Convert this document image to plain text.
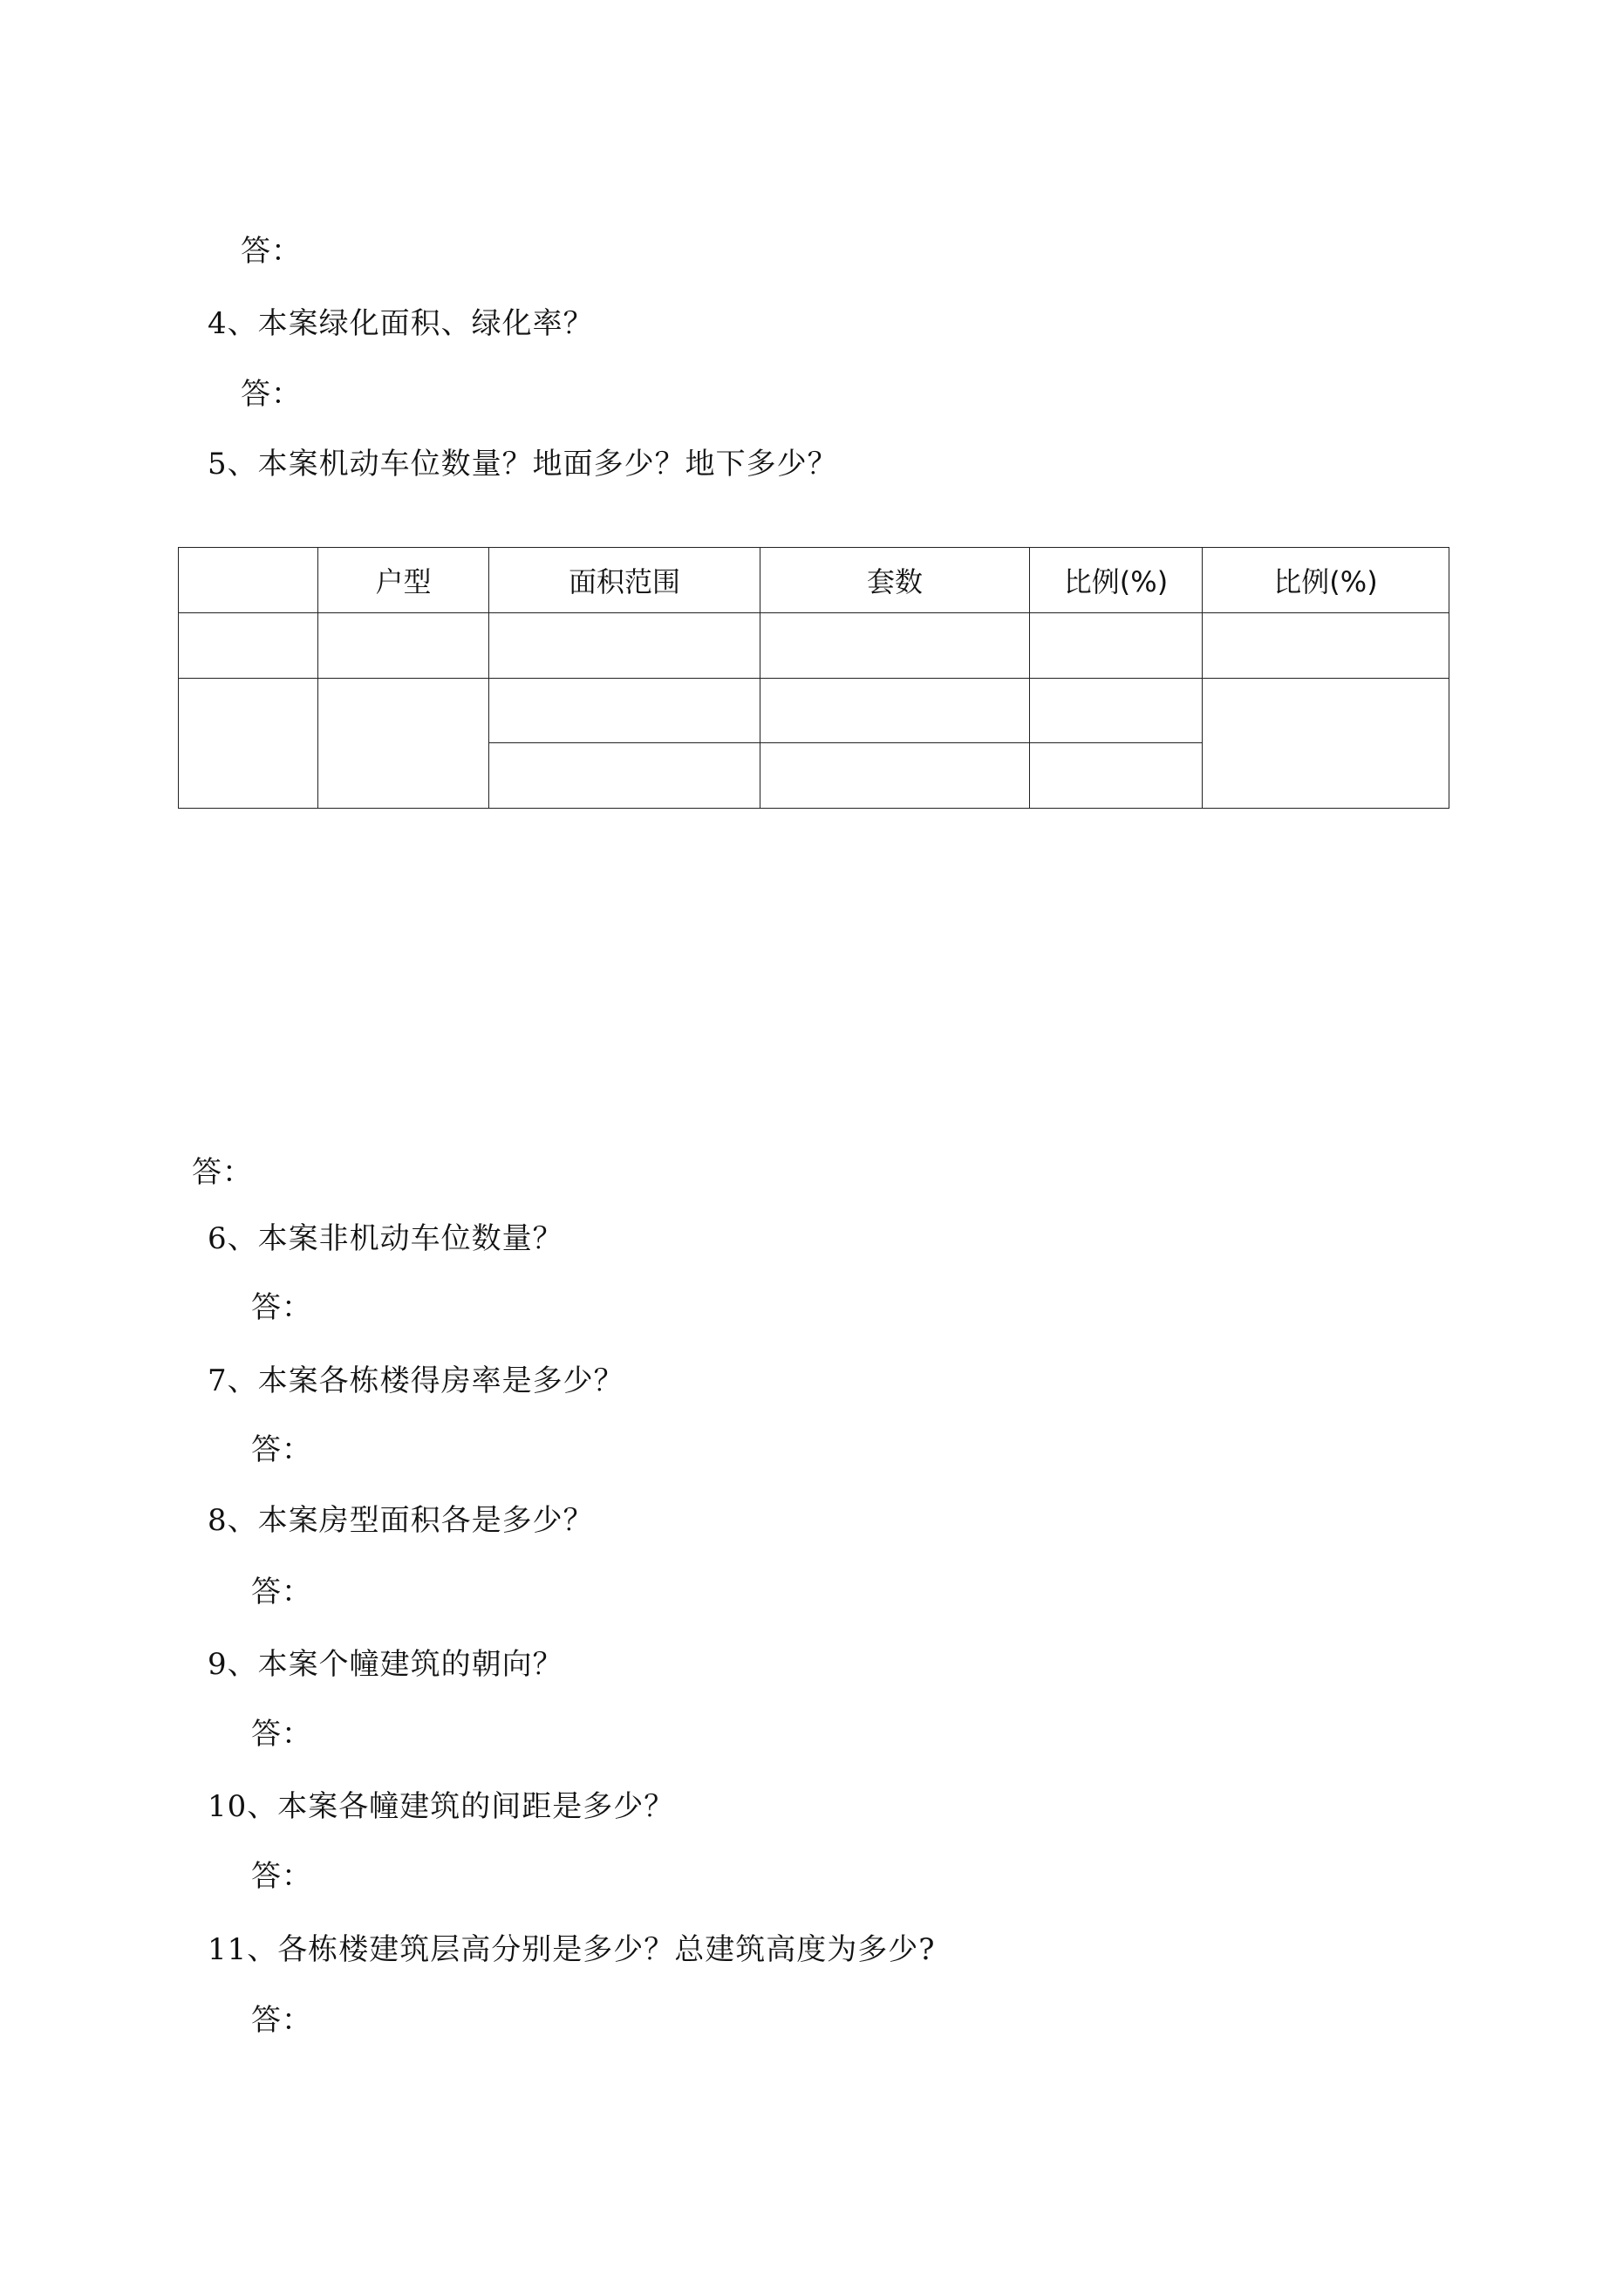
答：
4、本案绿化面积、绿化率？
答：
5、本案机动车位数量？地面多少？地下多少？
	户型	面积范围	套数	比例(%)	比例(%)

答：
6、本案非机动车位数量？
答：
7、本案各栋楼得房率是多少？
答：
8、本案房型面积各是多少？
答：
9、本案个幢建筑的朝向？
答：
10、本案各幢建筑的间距是多少？
答：
11、各栋楼建筑层高分别是多少？总建筑高度为多少?
答：
